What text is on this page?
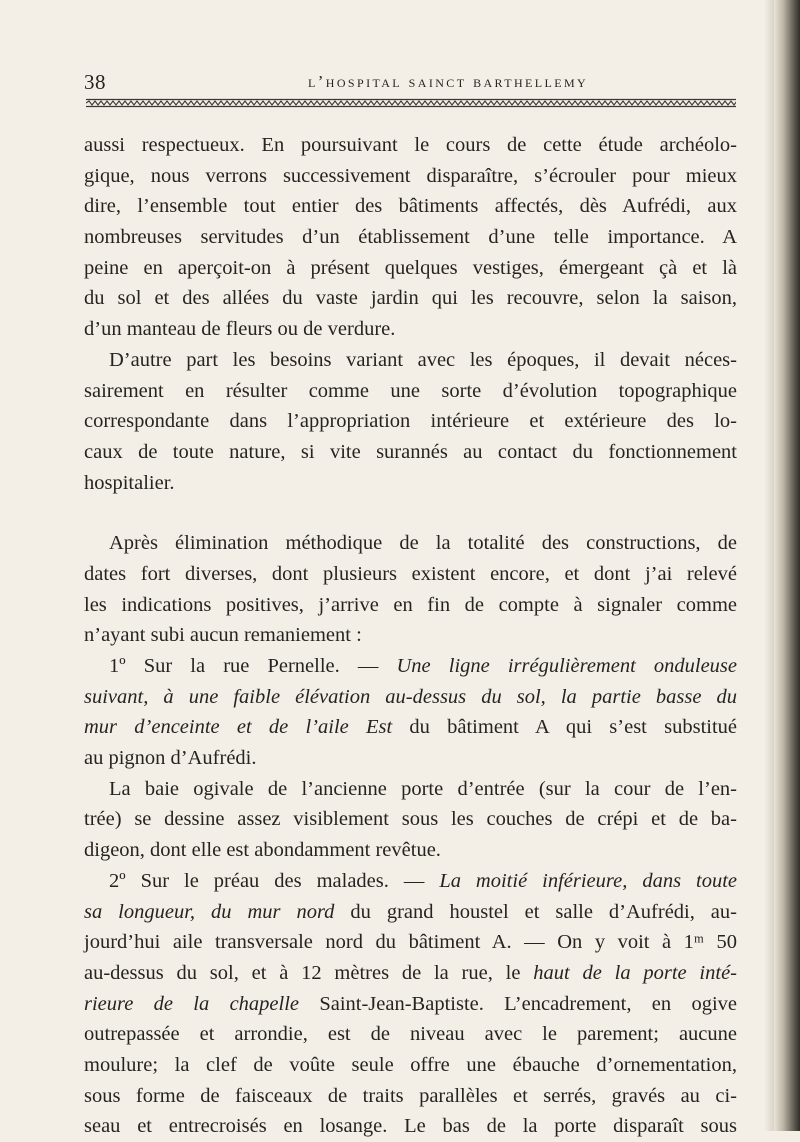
38	l’hospital sainct barthellemy
aussi respectueux. En poursuivant le cours de cette étude archéolo-
gique, nous verrons successivement disparaître, s’écrouler pour mieux
dire, l’ensemble tout entier des bâtiments affectés, dès Aufrédi, aux
nombreuses servitudes d’un établissement d’une telle importance. A
peine en aperçoit-on à présent quelques vestiges, émergeant çà et là
du sol et des allées du vaste jardin qui les recouvre, selon la saison,
d’un manteau de fleurs ou de verdure.
D’autre part les besoins variant avec les époques, il devait néces-
sairement en résulter comme une sorte d’évolution topographique
correspondante dans l’appropriation intérieure et extérieure des lo-
caux de toute nature, si vite surannés au contact du fonctionnement
hospitalier.
Après élimination méthodique de la totalité des constructions, de
dates fort diverses, dont plusieurs existent encore, et dont j’ai relevé
les indications positives, j’arrive en fin de compte à signaler comme
n’ayant subi aucun remaniement :
1º Sur la rue Pernelle. — Une ligne irrégulièrement onduleuse
suivant, à une faible élévation au-dessus du sol, la partie basse du
mur d’enceinte et de l’aile Est du bâtiment A qui s’est substitué
au pignon d’Aufrédi.
La baie ogivale de l’ancienne porte d’entrée (sur la cour de l’en-
trée) se dessine assez visiblement sous les couches de crépi et de ba-
digeon, dont elle est abondamment revêtue.
2º Sur le préau des malades. — La moitié inférieure, dans toute
sa longueur, du mur nord du grand houstel et salle d’Aufrédi, au-
jourd’hui aile transversale nord du bâtiment A. — On y voit à 1ᵐ 50
au-dessus du sol, et à 12 mètres de la rue, le haut de la porte inté-
rieure de la chapelle Saint-Jean-Baptiste. L’encadrement, en ogive
outrepassée et arrondie, est de niveau avec le parement; aucune
moulure; la clef de voûte seule offre une ébauche d’ornementation,
sous forme de faisceaux de traits parallèles et serrés, gravés au ci-
seau et entrecroisés en losange. Le bas de la porte disparaît sous
